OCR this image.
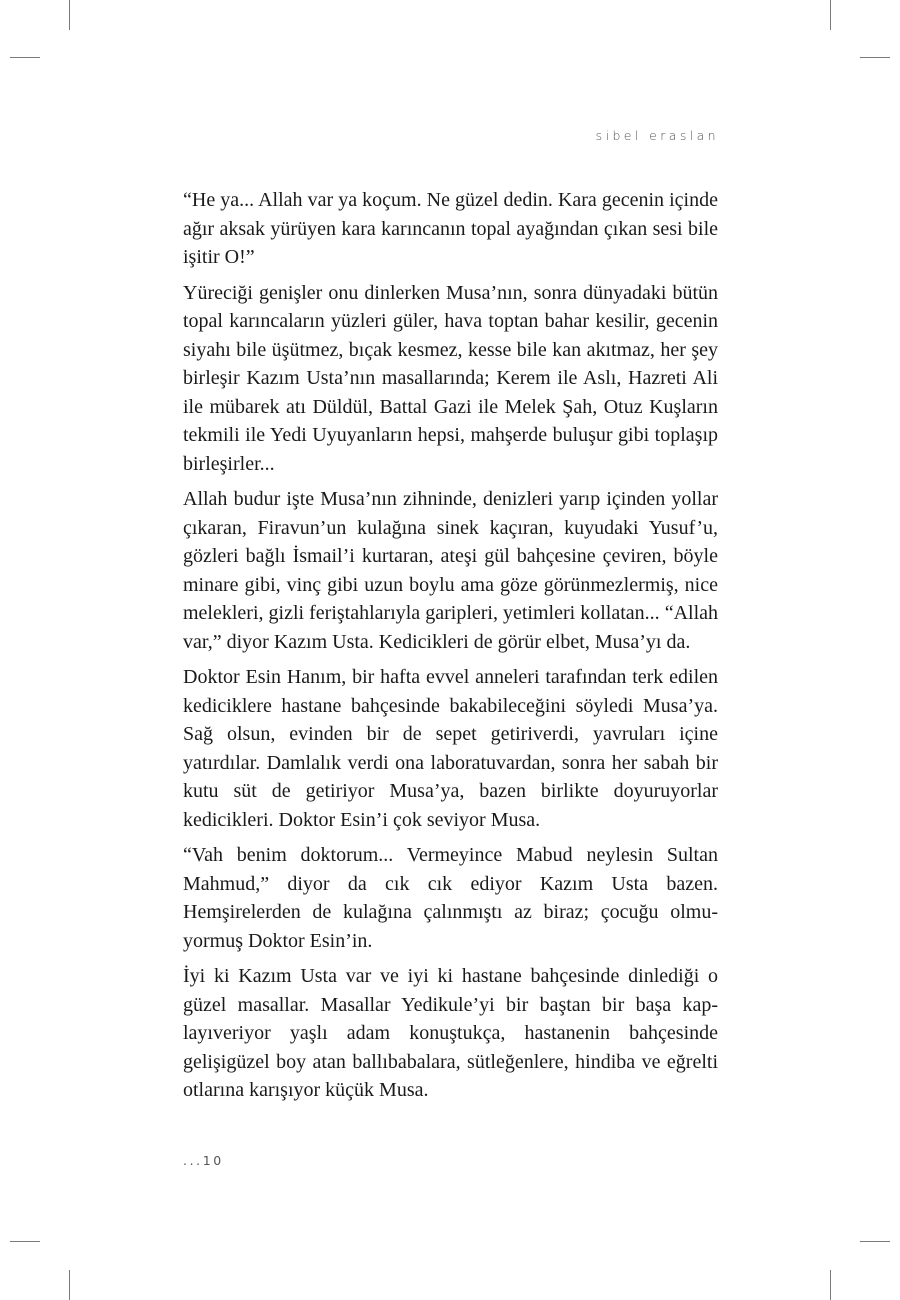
sibel eraslan

“He ya... Allah var ya koçum. Ne güzel dedin. Kara gecenin içinde ağır aksak yürüyen kara karıncanın topal ayağından çıkan sesi bile işitir O!”

Yüreciği genişler onu dinlerken Musa’nın, sonra dünyadaki bütün topal karıncaların yüzleri güler, hava toptan bahar kesilir, gecenin siyahı bile üşütmez, bıçak kesmez, kesse bile kan akıtmaz, her şey birleşir Kazım Usta’nın masallarında; Kerem ile Aslı, Hazreti Ali ile mübarek atı Düldül, Battal Gazi ile Melek Şah, Otuz Kuşların tekmili ile Yedi Uyuyanların hepsi, mahşerde buluşur gibi toplaşıp birleşirler...

Allah budur işte Musa’nın zihninde, denizleri yarıp içinden yollar çıkaran, Firavun’un kulağına sinek kaçıran, kuyudaki Yusuf’u, gözleri bağlı İsmail’i kurtaran, ateşi gül bahçesine çeviren, böyle minare gibi, vinç gibi uzun boylu ama göze görünmezlermiş, nice melekleri, gizli feriştahlarıyla garipleri, yetimleri kollatan... “Allah var,” diyor Kazım Usta. Kedicikleri de görür elbet, Musa’yı da.

Doktor Esin Hanım, bir hafta evvel anneleri tarafından terk edilen kediciklere hastane bahçesinde bakabileceğini söyledi Musa’ya. Sağ olsun, evinden bir de sepet getiriverdi, yavruları içine yatırdılar. Damlalık verdi ona laboratuvardan, sonra her sabah bir kutu süt de getiriyor Musa’ya, bazen birlikte doyuruyorlar kedicikleri. Doktor Esin’i çok seviyor Musa.

“Vah benim doktorum... Vermeyince Mabud neylesin Sultan Mahmud,” diyor da cık cık ediyor Kazım Usta bazen. Hemşirelerden de kulağına çalınmıştı az biraz; çocuğu olmuyormuş Doktor Esin’in.

İyi ki Kazım Usta var ve iyi ki hastane bahçesinde dinlediği o güzel masallar. Masallar Yedikule’yi bir baştan bir başa kaplayıveriyor yaşlı adam konuştukça, hastanenin bahçesinde gelişigüzel boy atan ballıbabalara, sütleğenlere, hindiba ve eğrelti otlarına karışıyor küçük Musa.

...10
